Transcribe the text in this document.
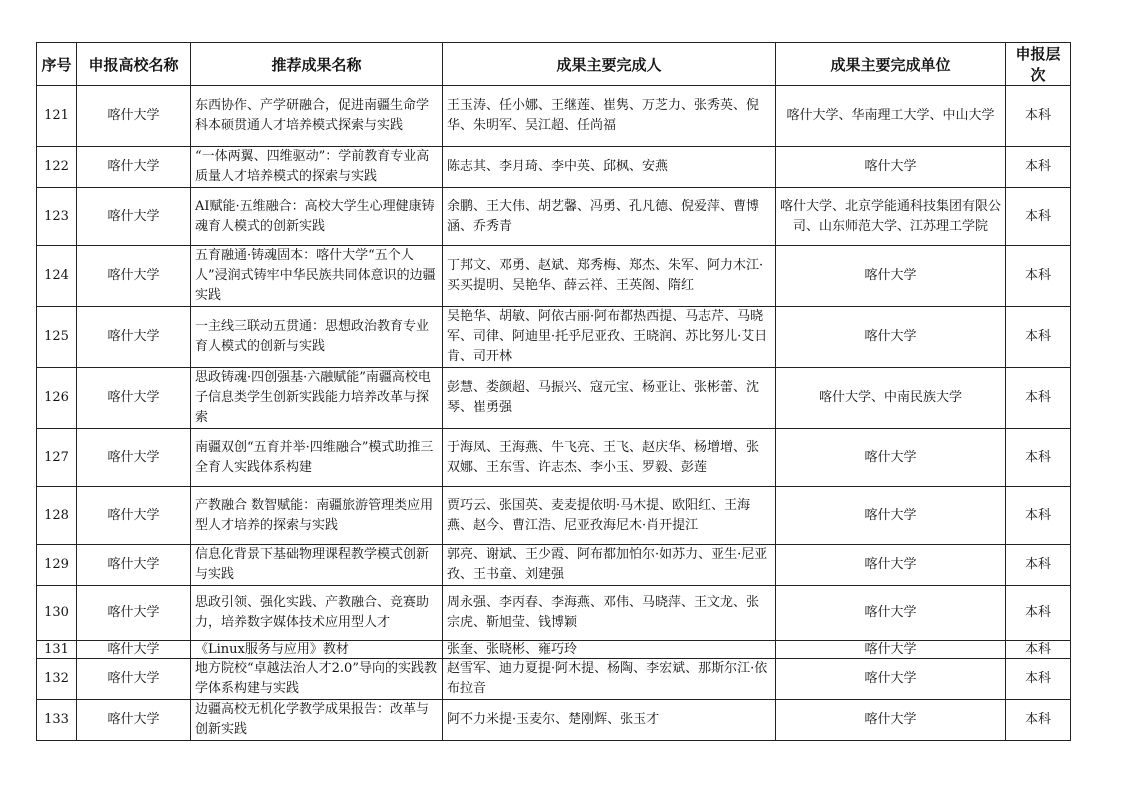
序号	申报高校名称	推荐成果名称	成果主要完成人	成果主要完成单位	申报层次
121	喀什大学	东西协作、产学研融合，促进南疆生命学科本硕贯通人才培养模式探索与实践	王玉涛、任小娜、王继莲、崔隽、万芝力、张秀英、倪华、朱明军、吴江超、任尚福	喀什大学、华南理工大学、中山大学	本科
122	喀什大学	“一体两翼、四维驱动”：学前教育专业高质量人才培养模式的探索与实践	陈志其、李月琦、李中英、邱枫、安燕	喀什大学	本科
123	喀什大学	AI赋能·五维融合：高校大学生心理健康铸魂育人模式的创新实践	余鹏、王大伟、胡艺馨、冯勇、孔凡德、倪爱萍、曹博涵、乔秀青	喀什大学、北京学能通科技集团有限公司、山东师范大学、江苏理工学院	本科
124	喀什大学	五育融通·铸魂固本：喀什大学“五个人人”浸润式铸牢中华民族共同体意识的边疆实践	丁邦文、邓勇、赵斌、郑秀梅、郑杰、朱军、阿力木江·买买提明、吴艳华、薛云祥、王英阁、隋红	喀什大学	本科
125	喀什大学	一主线三联动五贯通：思想政治教育专业育人模式的创新与实践	吴艳华、胡敏、阿依古丽·阿布都热西提、马志芹、马晓军、司律、阿迪里·托乎尼亚孜、王晓润、苏比努儿·艾日肯、司开林	喀什大学	本科
126	喀什大学	思政铸魂·四创强基·六融赋能”南疆高校电子信息类学生创新实践能力培养改革与探索	彭慧、娄颜超、马振兴、寇元宝、杨亚让、张彬蕾、沈琴、崔勇强	喀什大学、中南民族大学	本科
127	喀什大学	南疆双创“五育并举·四维融合”模式助推三全育人实践体系构建	于海凤、王海燕、牛飞亮、王飞、赵庆华、杨增增、张双娜、王东雪、许志杰、李小玉、罗毅、彭莲	喀什大学	本科
128	喀什大学	产教融合 数智赋能：南疆旅游管理类应用型人才培养的探索与实践	贾巧云、张国英、麦麦提依明·马木提、欧阳红、王海燕、赵今、曹江浩、尼亚孜海尼木·肖开提江	喀什大学	本科
129	喀什大学	信息化背景下基础物理课程教学模式创新与实践	郭亮、谢斌、王少霞、阿布都加怕尔·如苏力、亚生·尼亚孜、王书童、刘建强	喀什大学	本科
130	喀什大学	思政引领、强化实践、产教融合、竞赛助力，培养数字媒体技术应用型人才	周永强、李丙春、李海燕、邓伟、马晓萍、王文龙、张宗虎、靳旭莹、钱博颖	喀什大学	本科
131	喀什大学	《Linux服务与应用》教材	张奎、张晓彬、雍巧玲	喀什大学	本科
132	喀什大学	地方院校“卓越法治人才2.0”导向的实践教学体系构建与实践	赵雪军、迪力夏提·阿木提、杨陶、李宏斌、那斯尔江·依布拉音	喀什大学	本科
133	喀什大学	边疆高校无机化学教学成果报告：改革与创新实践	阿不力米提·玉麦尔、楚刚辉、张玉才	喀什大学	本科
